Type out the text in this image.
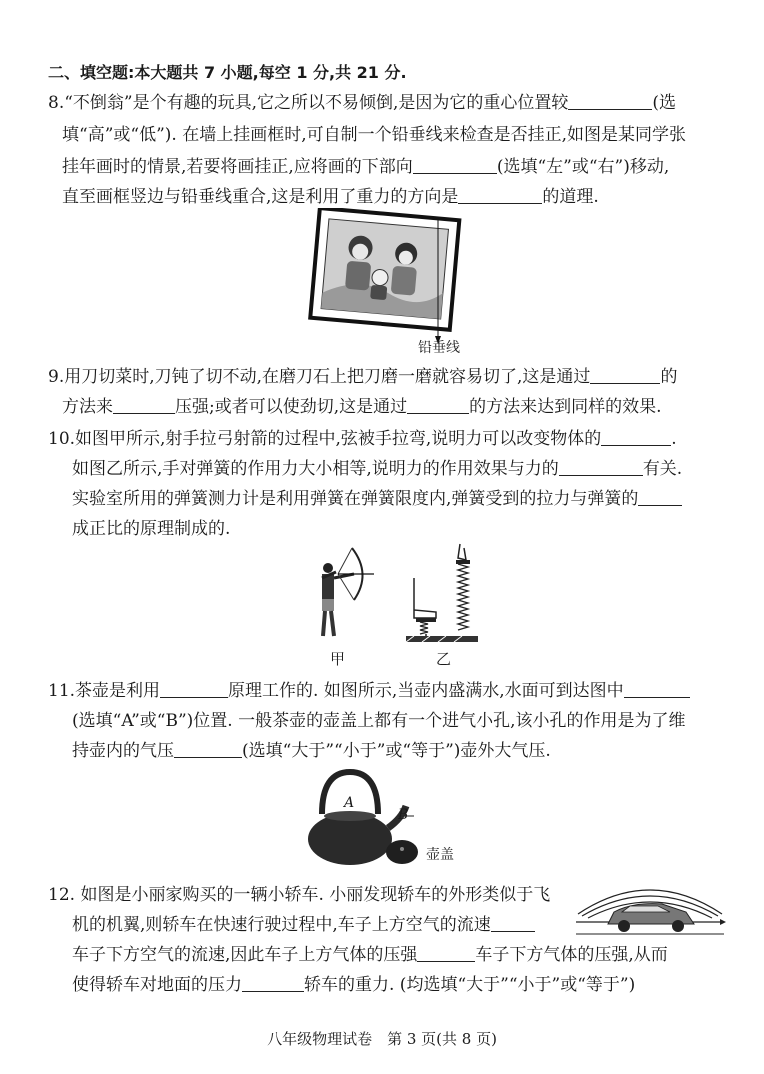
二、填空题:本大题共 7 小题,每空 1 分,共 21 分.
8.“不倒翁”是个有趣的玩具,它之所以不易倾倒,是因为它的重心位置较	(选
填“高”或“低”). 在墙上挂画框时,可自制一个铅垂线来检查是否挂正,如图是某同学张
挂年画时的情景,若要将画挂正,应将画的下部向	(选填“左”或“右”)移动,
直至画框竖边与铅垂线重合,这是利用了重力的方向是	的道理.
铅垂线
9.用刀切菜时,刀钝了切不动,在磨刀石上把刀磨一磨就容易切了,这是通过	的
方法来	压强;或者可以使劲切,这是通过	的方法来达到同样的效果.
10.如图甲所示,射手拉弓射箭的过程中,弦被手拉弯,说明力可以改变物体的	.
如图乙所示,手对弹簧的作用力大小相等,说明力的作用效果与力的	有关.
实验室所用的弹簧测力计是利用弹簧在弹簧限度内,弹簧受到的拉力与弹簧的
成正比的原理制成的.
甲	乙
11.茶壶是利用	原理工作的. 如图所示,当壶内盛满水,水面可到达图中
(选填“A”或“B”)位置. 一般茶壶的壶盖上都有一个进气小孔,该小孔的作用是为了维
持壶内的气压	(选填“大于”“小于”或“等于”)壶外大气压.
A
B
壶盖
12. 如图是小丽家购买的一辆小轿车. 小丽发现轿车的外形类似于飞
机的机翼,则轿车在快速行驶过程中,车子上方空气的流速
车子下方空气的流速,因此车子上方气体的压强	车子下方气体的压强,从而
使得轿车对地面的压力	轿车的重力. (均选填“大于”“小于”或“等于”)
八年级物理试卷　第 3 页(共 8 页)
